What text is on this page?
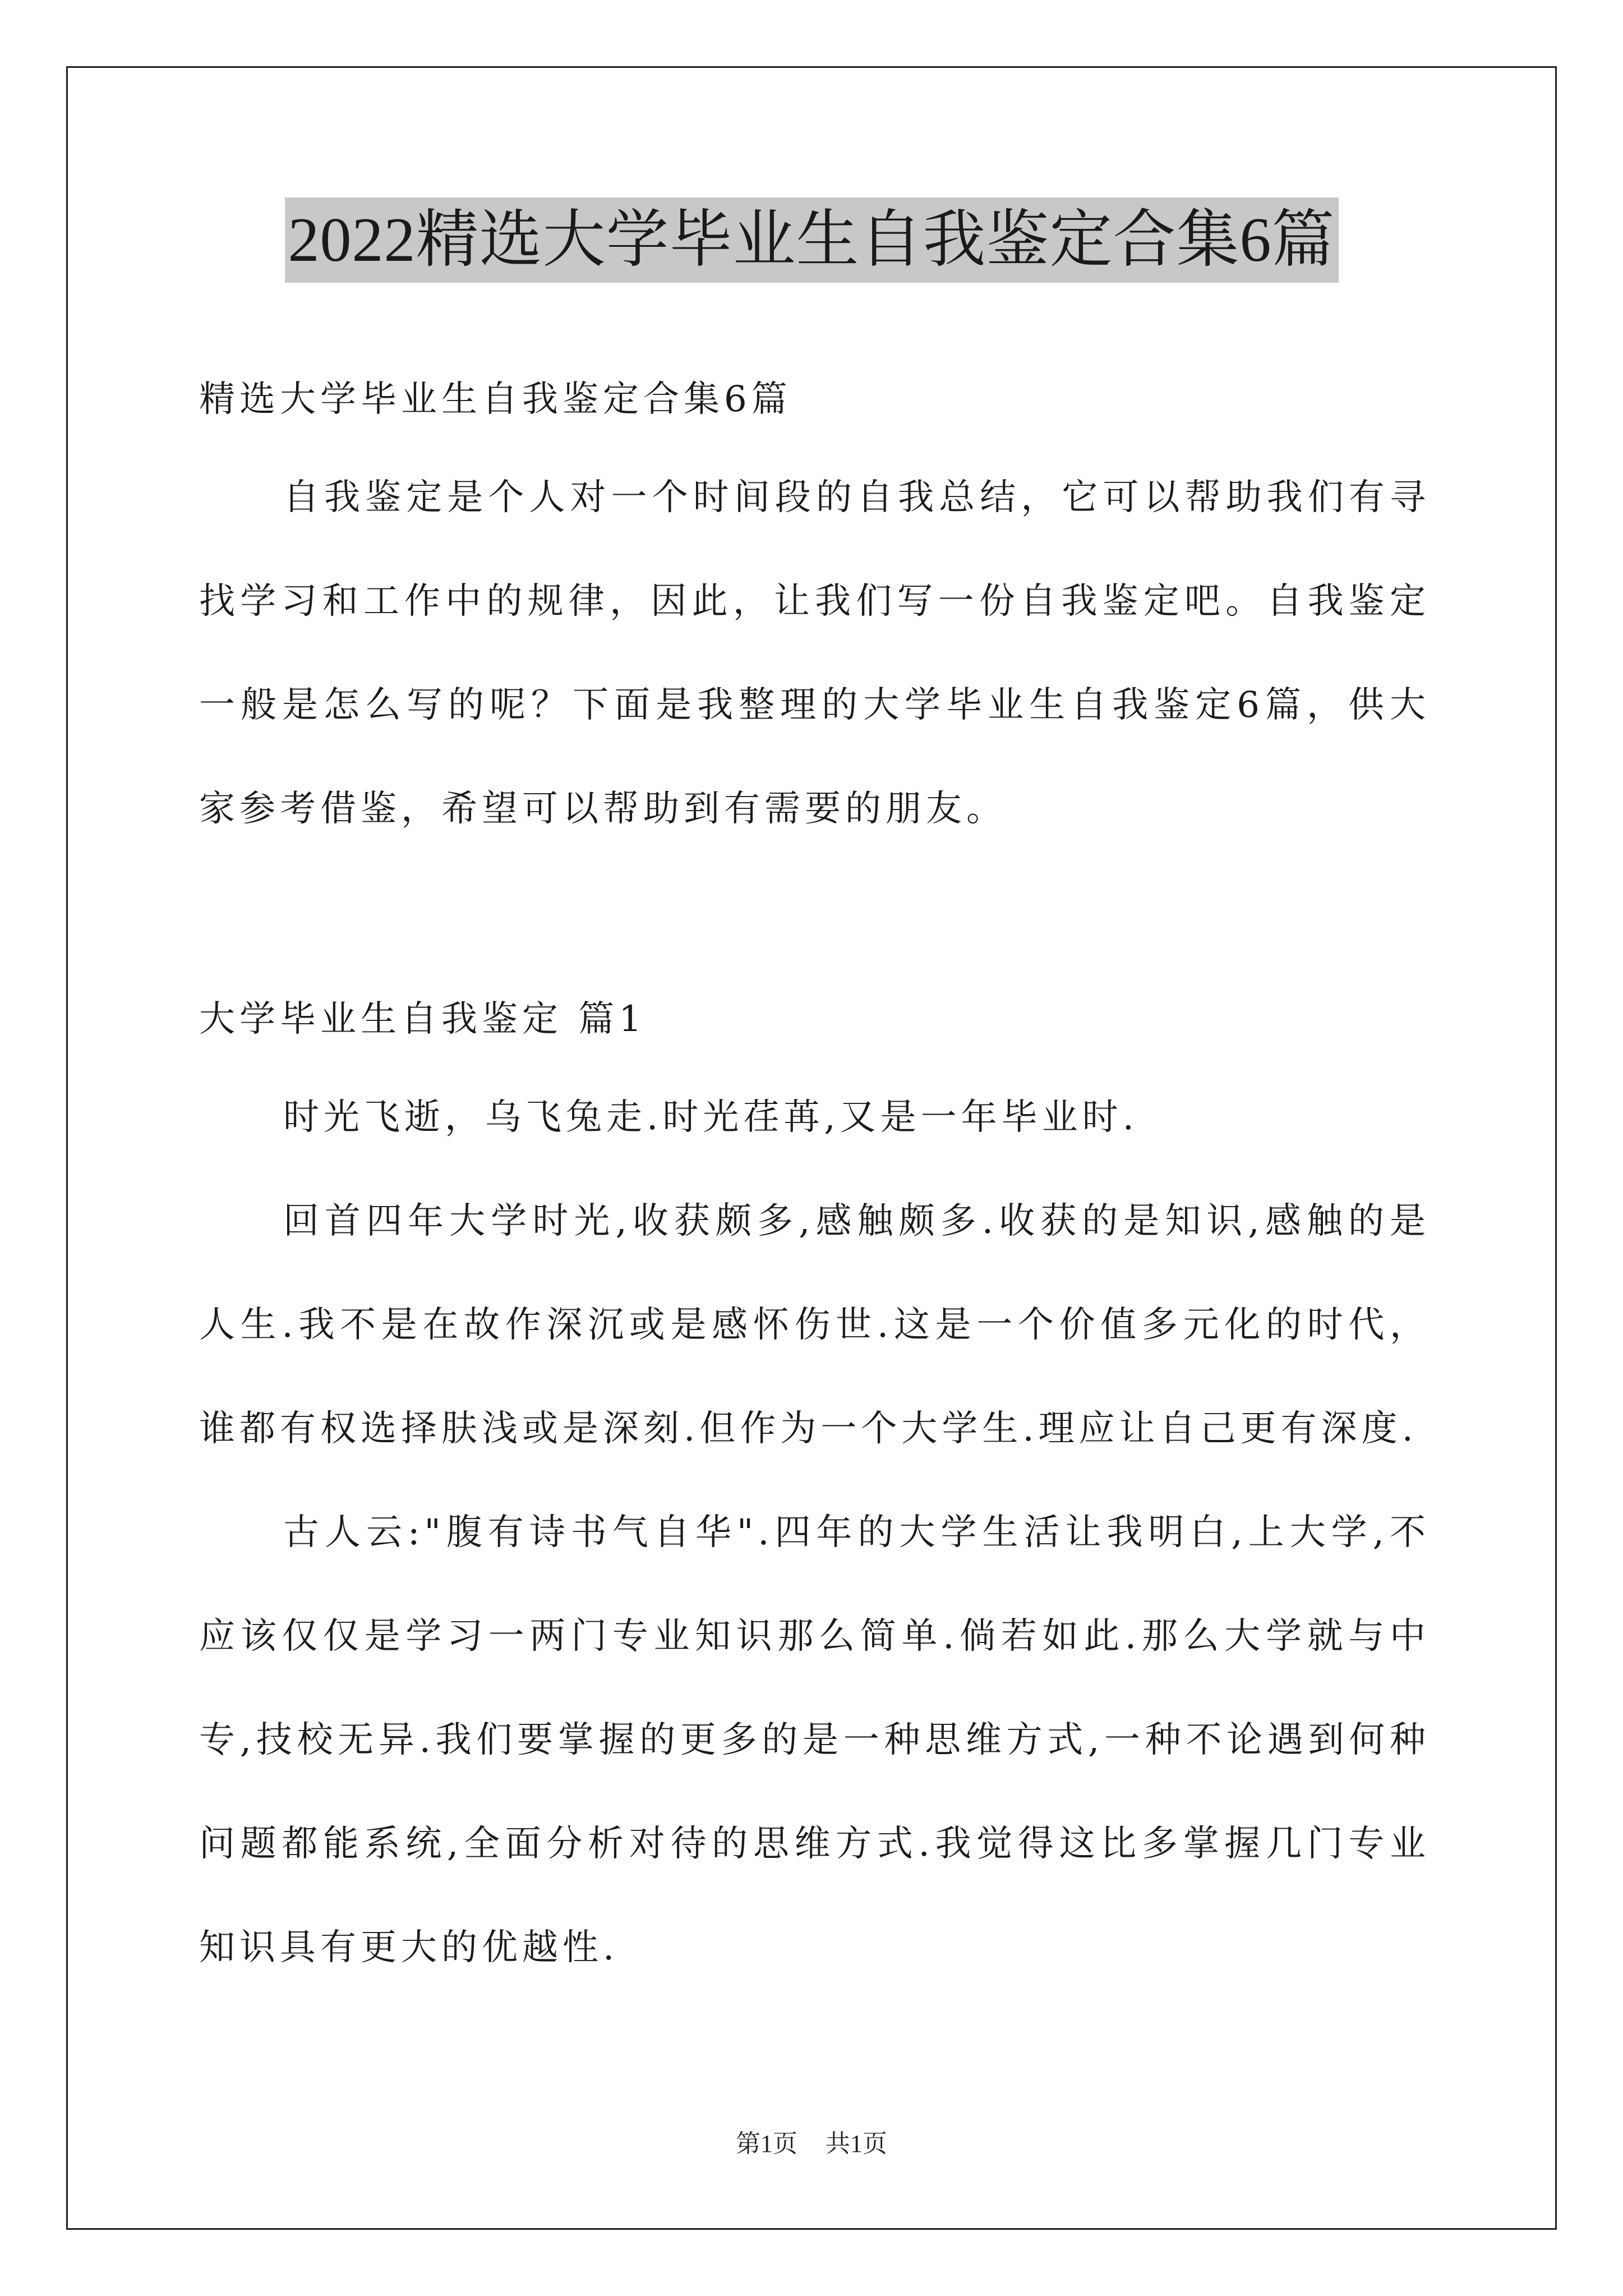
2022精选大学毕业生自我鉴定合集6篇
精选大学毕业生自我鉴定合集6篇
自我鉴定是个人对一个时间段的自我总结，它可以帮助我们有寻找学习和工作中的规律，因此，让我们写一份自我鉴定吧。自我鉴定一般是怎么写的呢？下面是我整理的大学毕业生自我鉴定6篇，供大家参考借鉴，希望可以帮助到有需要的朋友。
大学毕业生自我鉴定 篇1
时光飞逝，乌飞兔走.时光荏苒,又是一年毕业时.
回首四年大学时光,收获颇多,感触颇多.收获的是知识,感触的是人生.我不是在故作深沉或是感怀伤世.这是一个价值多元化的时代，谁都有权选择肤浅或是深刻.但作为一个大学生.理应让自己更有深度.
古人云:"腹有诗书气自华".四年的大学生活让我明白,上大学,不应该仅仅是学习一两门专业知识那么简单.倘若如此.那么大学就与中专,技校无异.我们要掌握的更多的是一种思维方式,一种不论遇到何种问题都能系统,全面分析对待的思维方式.我觉得这比多掌握几门专业知识具有更大的优越性.
第1页 共1页
